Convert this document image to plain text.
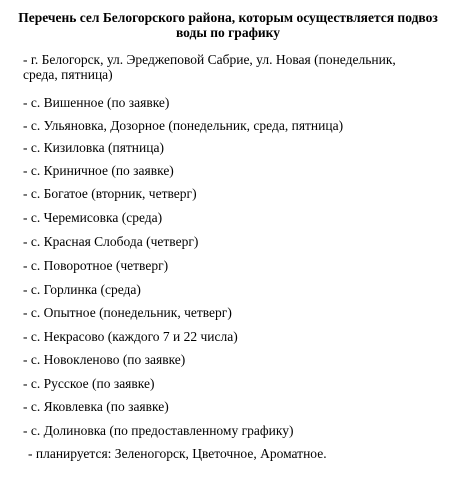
Перечень сел Белогорского района, которым осуществляется подвоз воды по графику

- г. Белогорск, ул. Эреджеповой Сабрие, ул. Новая (понедельник, среда, пятница)
- с. Вишенное (по заявке)
- с. Ульяновка, Дозорное (понедельник, среда, пятница)
- с. Кизиловка (пятница)
- с. Криничное (по заявке)
- с. Богатое (вторник, четверг)
- с. Черемисовка (среда)
- с. Красная Слобода (четверг)
- с. Поворотное (четверг)
- с. Горлинка (среда)
- с. Опытное (понедельник, четверг)
- с. Некрасово (каждого 7 и 22 числа)
- с. Новокленово (по заявке)
- с. Русское (по заявке)
- с. Яковлевка (по заявке)
- с. Долиновка (по предоставленному графику)
- планируется: Зеленогорск, Цветочное, Ароматное.
